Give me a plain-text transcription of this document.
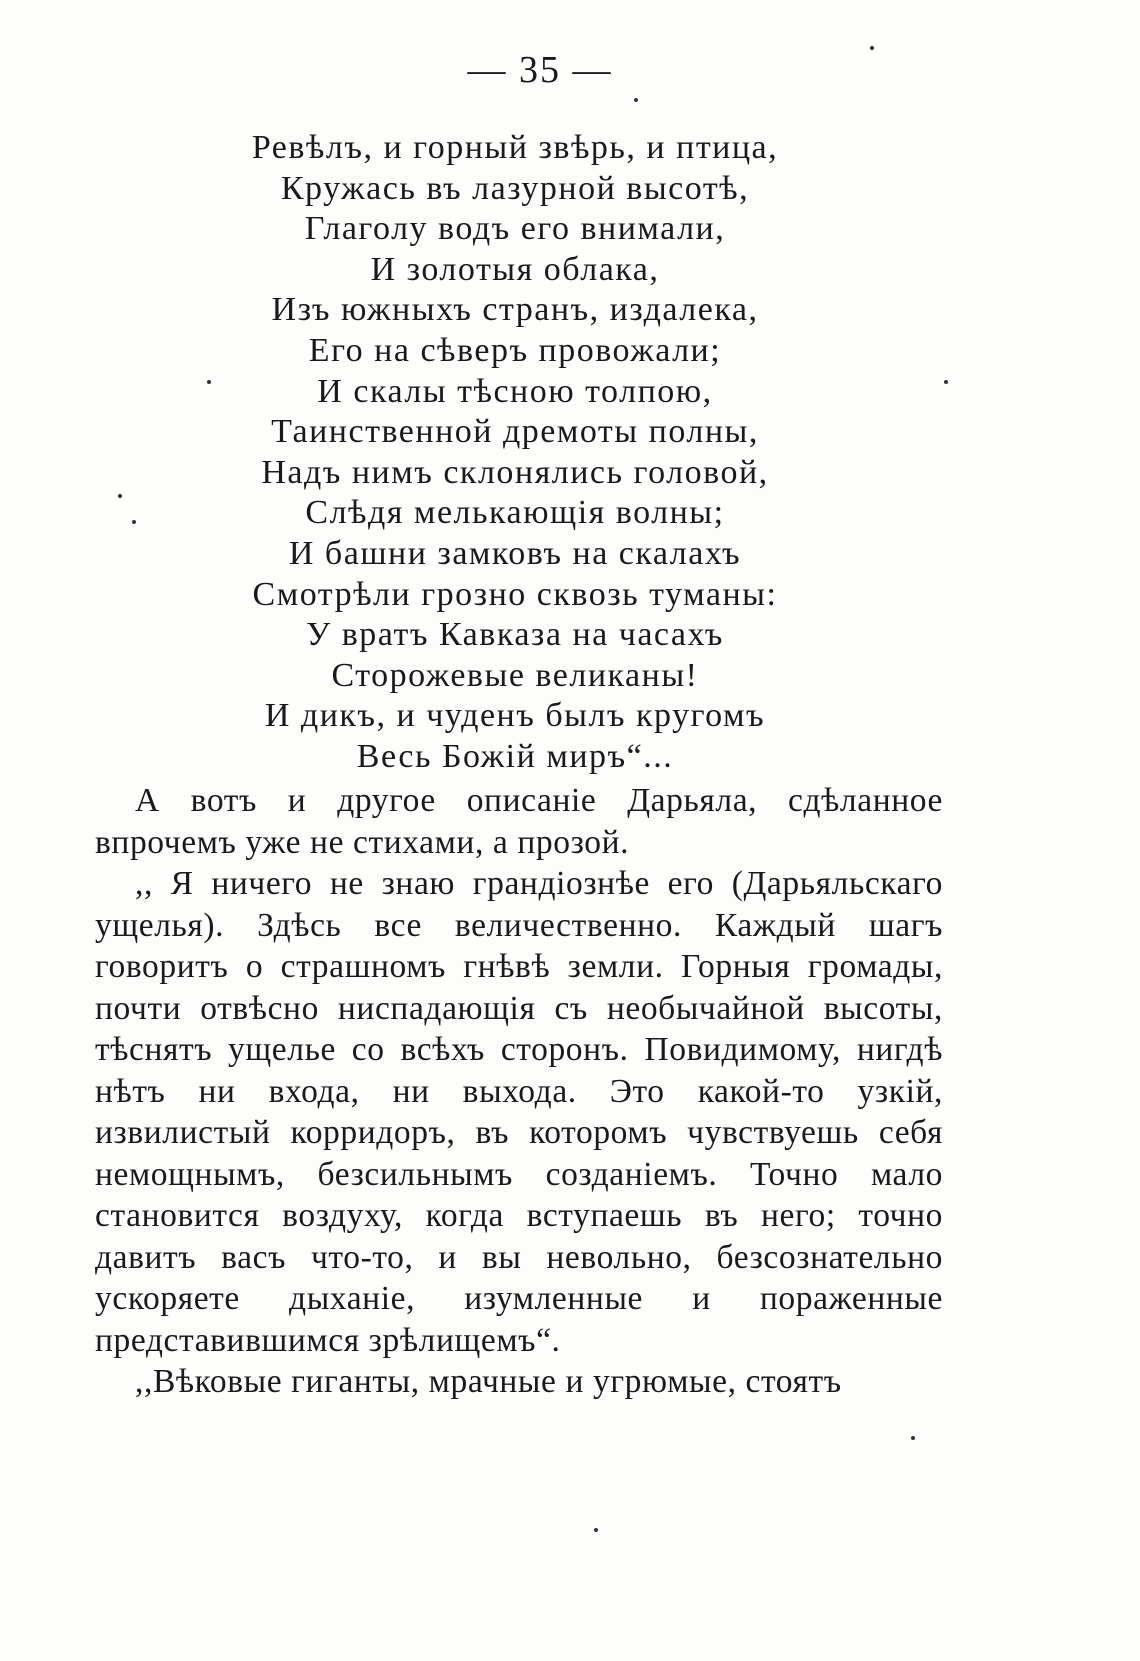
— 35 —
Ревѣлъ, и горный звѣрь, и птица,
Кружась въ лазурной высотѣ,
Глаголу водъ его внимали,
И золотыя облака,
Изъ южныхъ странъ, издалека,
Его на сѣверъ провожали;
И скалы тѣсною толпою,
Таинственной дремоты полны,
Надъ нимъ склонялись головой,
Слѣдя мелькающія волны;
И башни замковъ на скалахъ
Смотрѣли грозно сквозь туманы:
У вратъ Кавказа на часахъ
Сторожевые великаны!
И дикъ, и чуденъ былъ кругомъ
Весь Божій миръ“...

А вотъ и другое описаніе Дарьяла, сдѣланное впрочемъ уже не стихами, а прозой.

,, Я ничего не знаю грандіознѣе его (Дарьяльскаго ущелья). Здѣсь все величественно. Каждый шагъ говоритъ о страшномъ гнѣвѣ земли. Горныя громады, почти отвѣсно ниспадающія съ необычайной высоты, тѣснятъ ущелье со всѣхъ сторонъ. Повидимому, нигдѣ нѣтъ ни входа, ни выхода. Это какой-то узкій, извилистый корридоръ, въ которомъ чувствуешь себя немощнымъ, безсильнымъ созданіемъ. Точно мало становится воздуху, когда вступаешь въ него; точно давитъ васъ что-то, и вы невольно, безсознательно ускоряете дыханіе, изумленные и пораженные представившимся зрѣлищемъ“.

,,Вѣковые гиганты, мрачные и угрюмые, стоятъ
